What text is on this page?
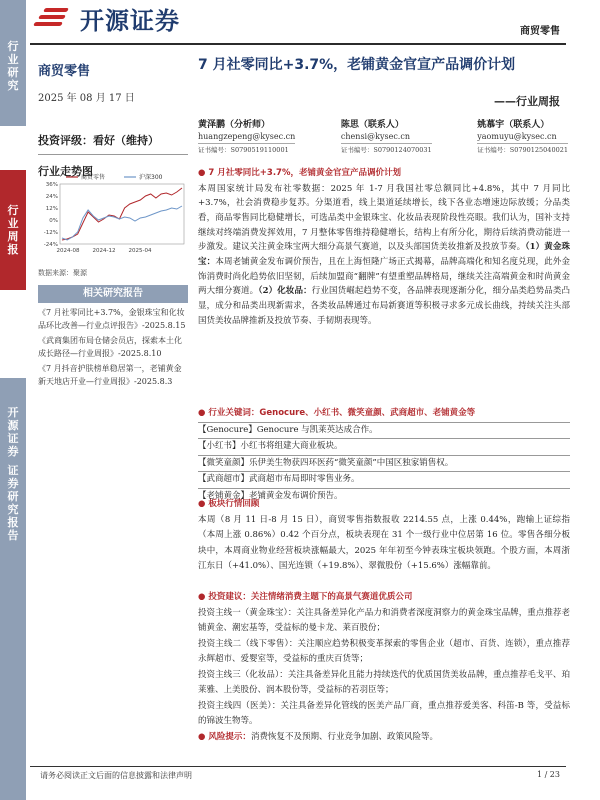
行
业
研
究
行
业
周
报
开
源
证
券
证
券
研
究
报
告
开源证券	商贸零售
商贸零售
2025 年 08 月 17 日
投资评级：看好（维持）
行业走势图
36%
24%
12%
0%
-12%
-24%
2024-08 2024-12 2025-04
商贸零售	沪深300
数据来源：聚源
相关研究报告
《7 月社零同比+3.7%，金银珠宝和化妆品环比改善—行业点评报告》-2025.8.15
《武商集团布局仓储会员店，探索本土化成长路径—行业周报》-2025.8.10
《7 月抖音护肤榜单稳居第一，老铺黄金新天地店开业—行业周报》-2025.8.3
7 月社零同比+3.7%，老铺黄金官宣产品调价计划
——行业周报
黄泽鹏（分析师）
huangzepeng@kysec.cn
证书编号：S0790519110001
陈思（联系人）
chensi@kysec.cn
证书编号：S0790124070031
姚慕宇（联系人）
yaomuyu@kysec.cn
证书编号：S0790125040021
● 7 月社零同比+3.7%，老铺黄金官宣产品调价计划

本周国家统计局发布社零数据：2025 年 1-7 月我国社零总额同比+4.8%，其中 7 月同比+3.7%，社会消费稳步复苏。分渠道看，线上渠道延续增长，线下各业态增速边际放缓；分品类看，商品零售同比稳健增长，可选品类中金银珠宝、化妆品表现阶段性亮眼。我们认为，国补支持继续对终端消费发挥效用，7 月整体零售维持稳健增长，结构上有所分化，期待后续消费动能进一步激发。建议关注黄金珠宝两大细分高景气赛道，以及头部国货美妆推新及投放节奏。（1）黄金珠宝：本周老铺黄金发布调价预告，且在上海恒隆广场正式揭幕，品牌高端化和知名度兑现，此外金饰消费时尚化趋势依旧坚韧，后续加盟商“翻牌”有望重塑品牌格局，继续关注高端黄金和时尚黄金两大细分赛道。（2）化妆品：行业国货崛起趋势不变，各品牌表现逐渐分化，细分品类趋势品类凸显，成分和品类出现新需求，各类妆品牌通过布局新赛道等积极寻求多元成长曲线，持续关注头部国货美妆品牌推新及投放节奏、手韧期表现等。

● 行业关键词：Genocure、小红书、微笑童颜、武商超市、老铺黄金等
【Genocure】Genocure 与凯莱英达成合作。
【小红书】小红书将组建大商业板块。
【微笑童颜】乐伊美生物获四环医药“微笑童颜”中国区独家销售权。
【武商超市】武商超市布局即时零售业务。
【老铺黄金】老铺黄金发布调价预告。
● 板块行情回顾

本周（8 月 11 日-8 月 15 日），商贸零售指数报收 2214.55 点，上涨 0.44%，跑输上证综指（本周上涨 0.86%）0.42 个百分点，板块表现在 31 个一级行业中位居第 16 位。零售各细分板块中，本周商业物业经营板块涨幅最大，2025 年年初至今钟表珠宝板块领跑。个股方面，本周浙江东日（+41.0%）、国光连锁（+19.8%）、翠微股份（+15.6%）涨幅靠前。

● 投资建议：关注情绪消费主题下的高景气赛道优质公司

投资主线一（黄金珠宝）：关注具备差异化产品力和消费者深度洞察力的黄金珠宝品牌，重点推荐老铺黄金、潮宏基等，受益标的曼卡龙、莱百股份；

投资主线二（线下零售）：关注顺应趋势积极变革探索的零售企业（超市、百货、连锁），重点推荐永辉超市、爱婴室等，受益标的重庆百货等；

投资主线三（化妆品）：关注具备差异化且能力持续迭代的优质国货美妆品牌，重点推荐毛戈平、珀莱雅、上美股份、润本股份等，受益标的若羽臣等；

投资主线四（医美）：关注具备差异化管线的医美产品厂商，重点推荐爱美客、科笛-B 等，受益标的锦波生物等。

● 风险提示：消费恢复不及预期、行业竞争加剧、政策风险等。
请务必阅读正文后面的信息披露和法律声明	1 / 23
